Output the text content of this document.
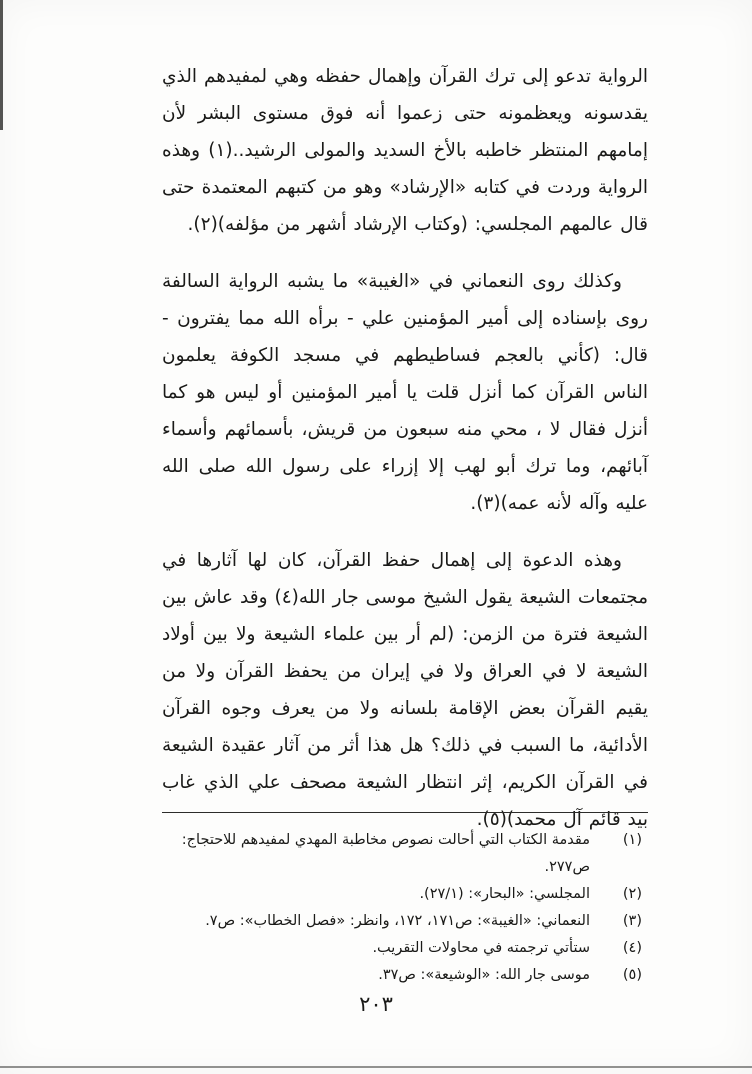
الرواية تدعو إلى ترك القرآن وإهمال حفظه وهي لمفيدهم الذي يقدسونه ويعظمونه حتى زعموا أنه فوق مستوى البشر لأن إمامهم المنتظر خاطبه بالأخ السديد والمولى الرشيد..(١) وهذه الرواية وردت في كتابه «الإرشاد» وهو من كتبهم المعتمدة حتى قال عالمهم المجلسي: (وكتاب الإرشاد أشهر من مؤلفه)(٢).

وكذلك روى النعماني في «الغيبة» ما يشبه الرواية السالفة روى بإسناده إلى أمير المؤمنين علي - برأه الله مما يفترون - قال: (كأني بالعجم فساطيطهم في مسجد الكوفة يعلمون الناس القرآن كما أنزل قلت يا أمير المؤمنين أو ليس هو كما أنزل فقال لا ، محي منه سبعون من قريش، بأسمائهم وأسماء آبائهم، وما ترك أبو لهب إلا إزراء على رسول الله صلى الله عليه وآله لأنه عمه)(٣).

وهذه الدعوة إلى إهمال حفظ القرآن، كان لها آثارها في مجتمعات الشيعة يقول الشيخ موسى جار الله(٤) وقد عاش بين الشيعة فترة من الزمن: (لم أر بين علماء الشيعة ولا بين أولاد الشيعة لا في العراق ولا في إيران من يحفظ القرآن ولا من يقيم القرآن بعض الإقامة بلسانه ولا من يعرف وجوه القرآن الأدائية، ما السبب في ذلك؟ هل هذا أثر من آثار عقيدة الشيعة في القرآن الكريم، إثر انتظار الشيعة مصحف علي الذي غاب بيد قائم آل محمد)(٥).

(١)
مقدمة الكتاب التي أحالت نصوص مخاطبة المهدي لمفيدهم للاحتجاج: ص٢٧٧.
(٢)
المجلسي: «البحار»: (٢٧/١).
(٣)
النعماني: «الغيبة»: ص١٧١، ١٧٢، وانظر: «فصل الخطاب»: ص٧.
(٤)
ستأتي ترجمته في محاولات التقريب.
(٥)
موسى جار الله: «الوشيعة»: ص٣٧.
٢٠٣
